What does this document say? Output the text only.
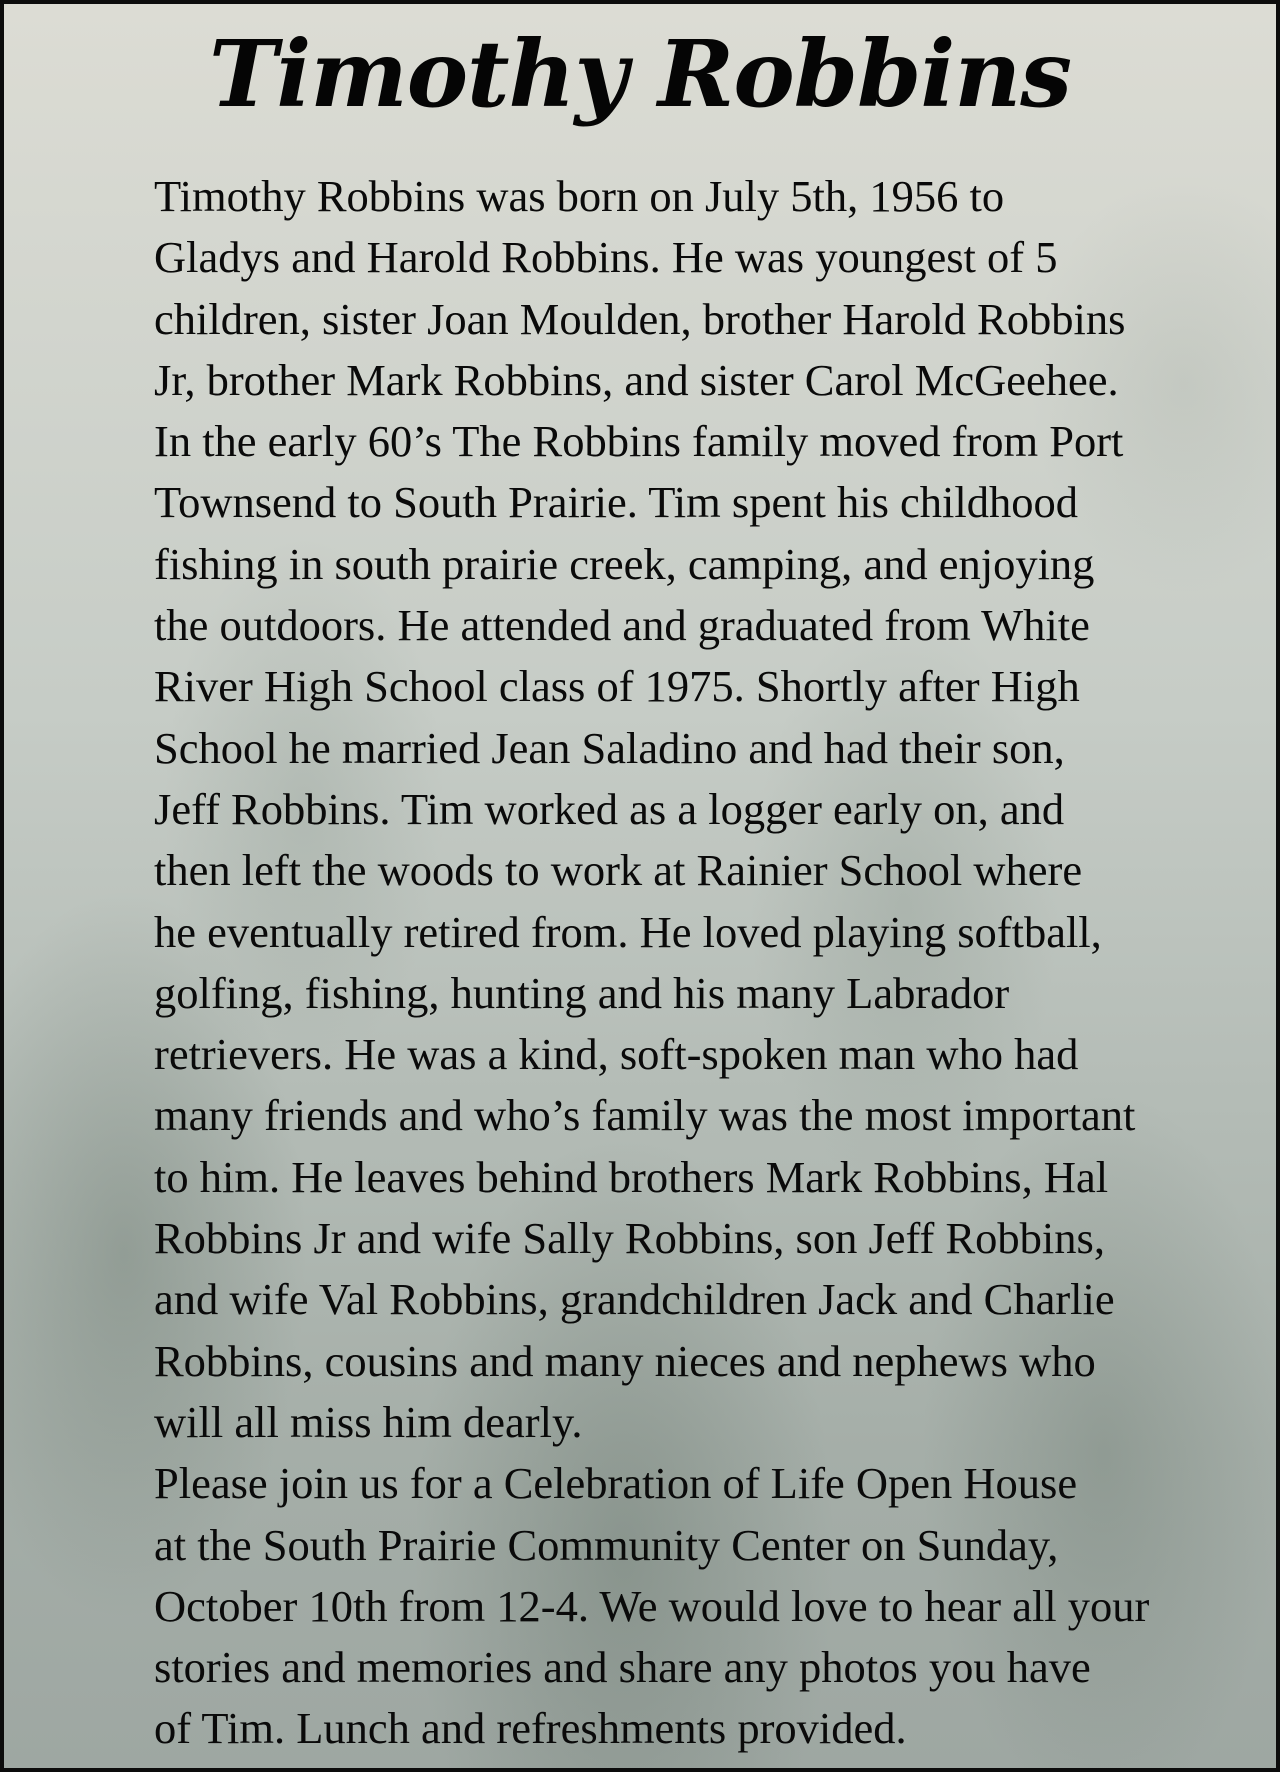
Timothy Robbins

Timothy Robbins was born on July 5th, 1956 to
Gladys and Harold Robbins. He was youngest of 5
children, sister Joan Moulden, brother Harold Robbins
Jr, brother Mark Robbins, and sister Carol McGeehee.
In the early 60’s The Robbins family moved from Port
Townsend to South Prairie. Tim spent his childhood
fishing in south prairie creek, camping, and enjoying
the outdoors. He attended and graduated from White
River High School class of 1975. Shortly after High
School he married Jean Saladino and had their son,
Jeff Robbins. Tim worked as a logger early on, and
then left the woods to work at Rainier School where
he eventually retired from. He loved playing softball,
golfing, fishing, hunting and his many Labrador
retrievers. He was a kind, soft-spoken man who had
many friends and who’s family was the most important
to him. He leaves behind brothers Mark Robbins, Hal
Robbins Jr and wife Sally Robbins, son Jeff Robbins,
and wife Val Robbins, grandchildren Jack and Charlie
Robbins, cousins and many nieces and nephews who
will all miss him dearly.

Please join us for a Celebration of Life Open House
at the South Prairie Community Center on Sunday,
October 10th from 12-4. We would love to hear all your
stories and memories and share any photos you have
of Tim. Lunch and refreshments provided.
